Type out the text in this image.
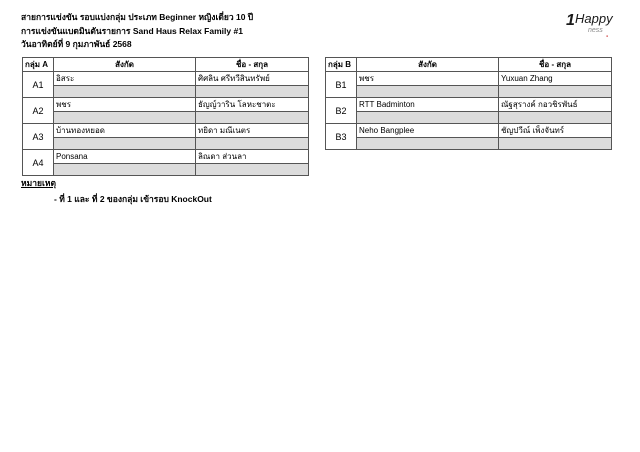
สายการแข่งขัน รอบแบ่งกลุ่ม ประเภท Beginner หญิงเดี่ยว 10 ปี
การแข่งขันแบดมินตันรายการ Sand Haus Relax Family #1
วันอาทิตย์ที่ 9 กุมภาพันธ์ 2568
1 Happy
ness
●
กลุ่ม A	สังกัด	ชื่อ - สกุล
A1	อิสระ	ศิศลิน ศรีทวีสินทรัพย์

A2	พชร	ธัญญ์วาริน โลหะชาตะ

A3	บ้านทองหยอด	ทยิดา มณีเนตร

A4	Ponsana	ลิณดา ส่วนลา

กลุ่ม B	สังกัด	ชื่อ - สกุล
B1	พชร	Yuxuan Zhang

B2	RTT Badminton	ณัฐสุรางค์ กอวชิรพันธ์

B3	Neho Bangplee	ชัญปวีณ์ เพ็งจันทร์

หมายเหตุ
- ที่ 1 และ ที่ 2 ของกลุ่ม เข้ารอบ KnockOut
